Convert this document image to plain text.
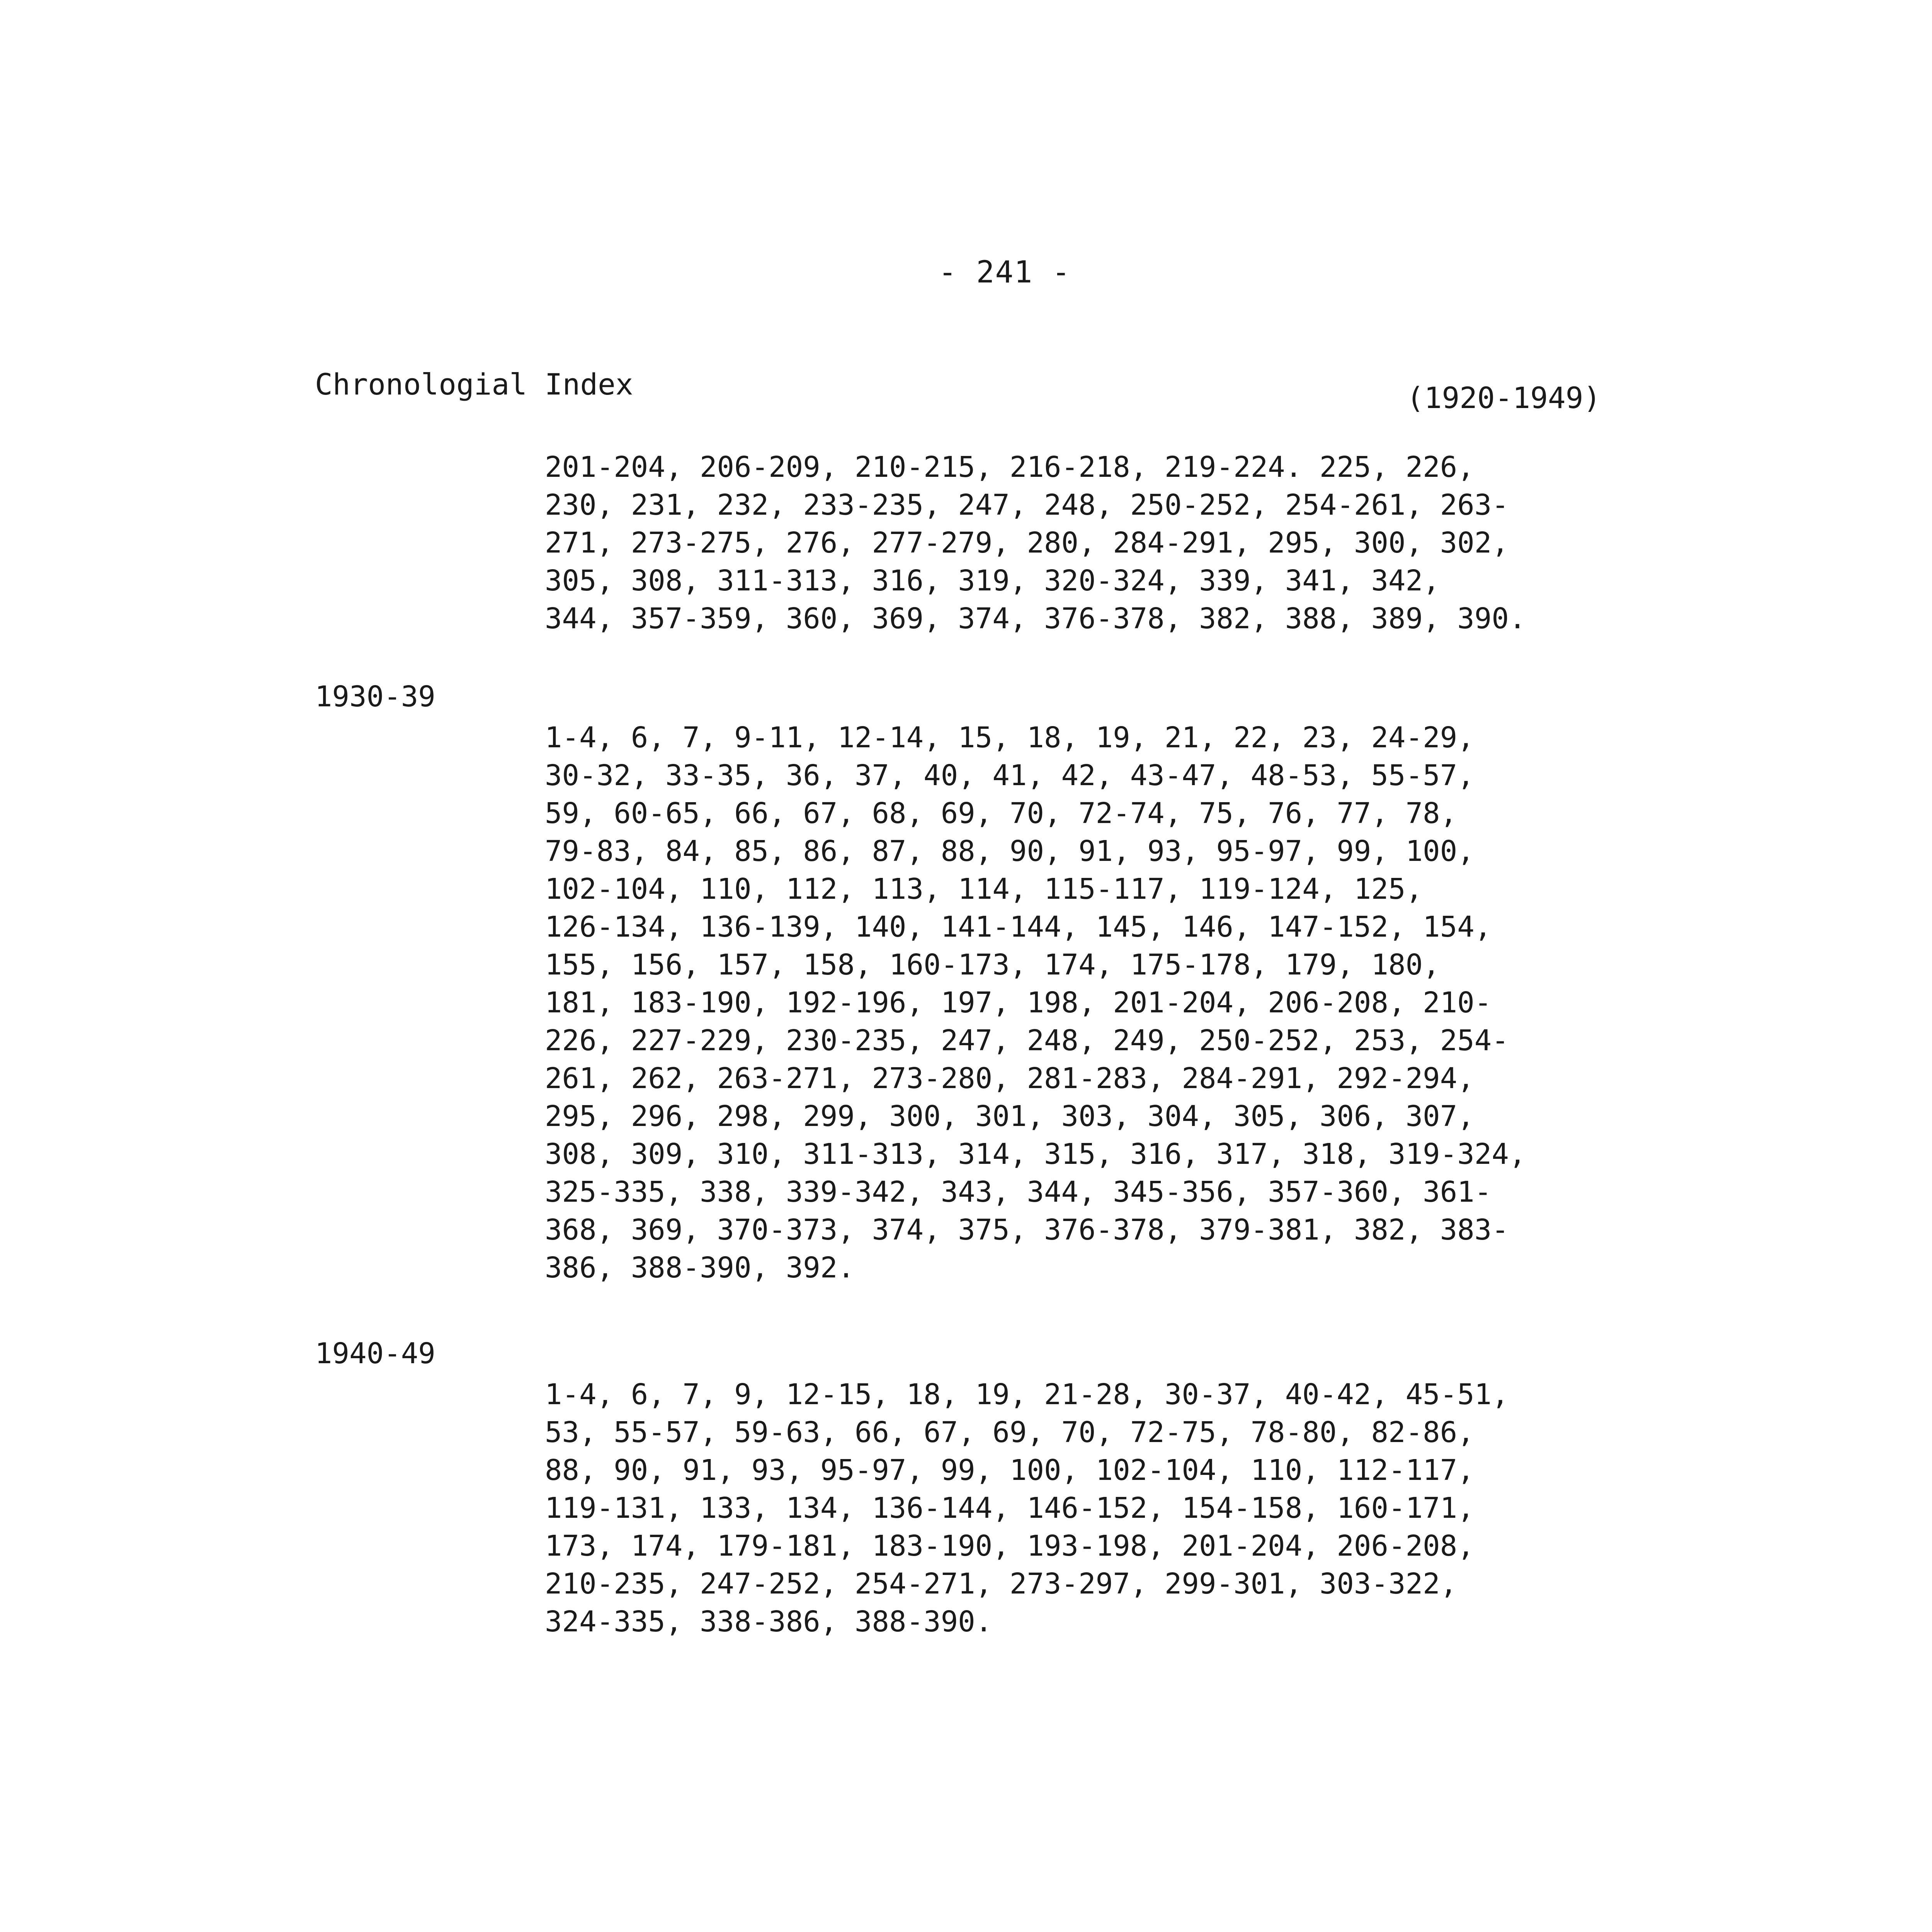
- 241 -
Chronologial Index	(1920-1949)
201-204, 206-209, 210-215, 216-218, 219-224. 225, 226,
230, 231, 232, 233-235, 247, 248, 250-252, 254-261, 263-
271, 273-275, 276, 277-279, 280, 284-291, 295, 300, 302,
305, 308, 311-313, 316, 319, 320-324, 339, 341, 342,
344, 357-359, 360, 369, 374, 376-378, 382, 388, 389, 390.
1930-39
1-4, 6, 7, 9-11, 12-14, 15, 18, 19, 21, 22, 23, 24-29,
30-32, 33-35, 36, 37, 40, 41, 42, 43-47, 48-53, 55-57,
59, 60-65, 66, 67, 68, 69, 70, 72-74, 75, 76, 77, 78,
79-83, 84, 85, 86, 87, 88, 90, 91, 93, 95-97, 99, 100,
102-104, 110, 112, 113, 114, 115-117, 119-124, 125,
126-134, 136-139, 140, 141-144, 145, 146, 147-152, 154,
155, 156, 157, 158, 160-173, 174, 175-178, 179, 180,
181, 183-190, 192-196, 197, 198, 201-204, 206-208, 210-
226, 227-229, 230-235, 247, 248, 249, 250-252, 253, 254-
261, 262, 263-271, 273-280, 281-283, 284-291, 292-294,
295, 296, 298, 299, 300, 301, 303, 304, 305, 306, 307,
308, 309, 310, 311-313, 314, 315, 316, 317, 318, 319-324,
325-335, 338, 339-342, 343, 344, 345-356, 357-360, 361-
368, 369, 370-373, 374, 375, 376-378, 379-381, 382, 383-
386, 388-390, 392.
1940-49
1-4, 6, 7, 9, 12-15, 18, 19, 21-28, 30-37, 40-42, 45-51,
53, 55-57, 59-63, 66, 67, 69, 70, 72-75, 78-80, 82-86,
88, 90, 91, 93, 95-97, 99, 100, 102-104, 110, 112-117,
119-131, 133, 134, 136-144, 146-152, 154-158, 160-171,
173, 174, 179-181, 183-190, 193-198, 201-204, 206-208,
210-235, 247-252, 254-271, 273-297, 299-301, 303-322,
324-335, 338-386, 388-390.
